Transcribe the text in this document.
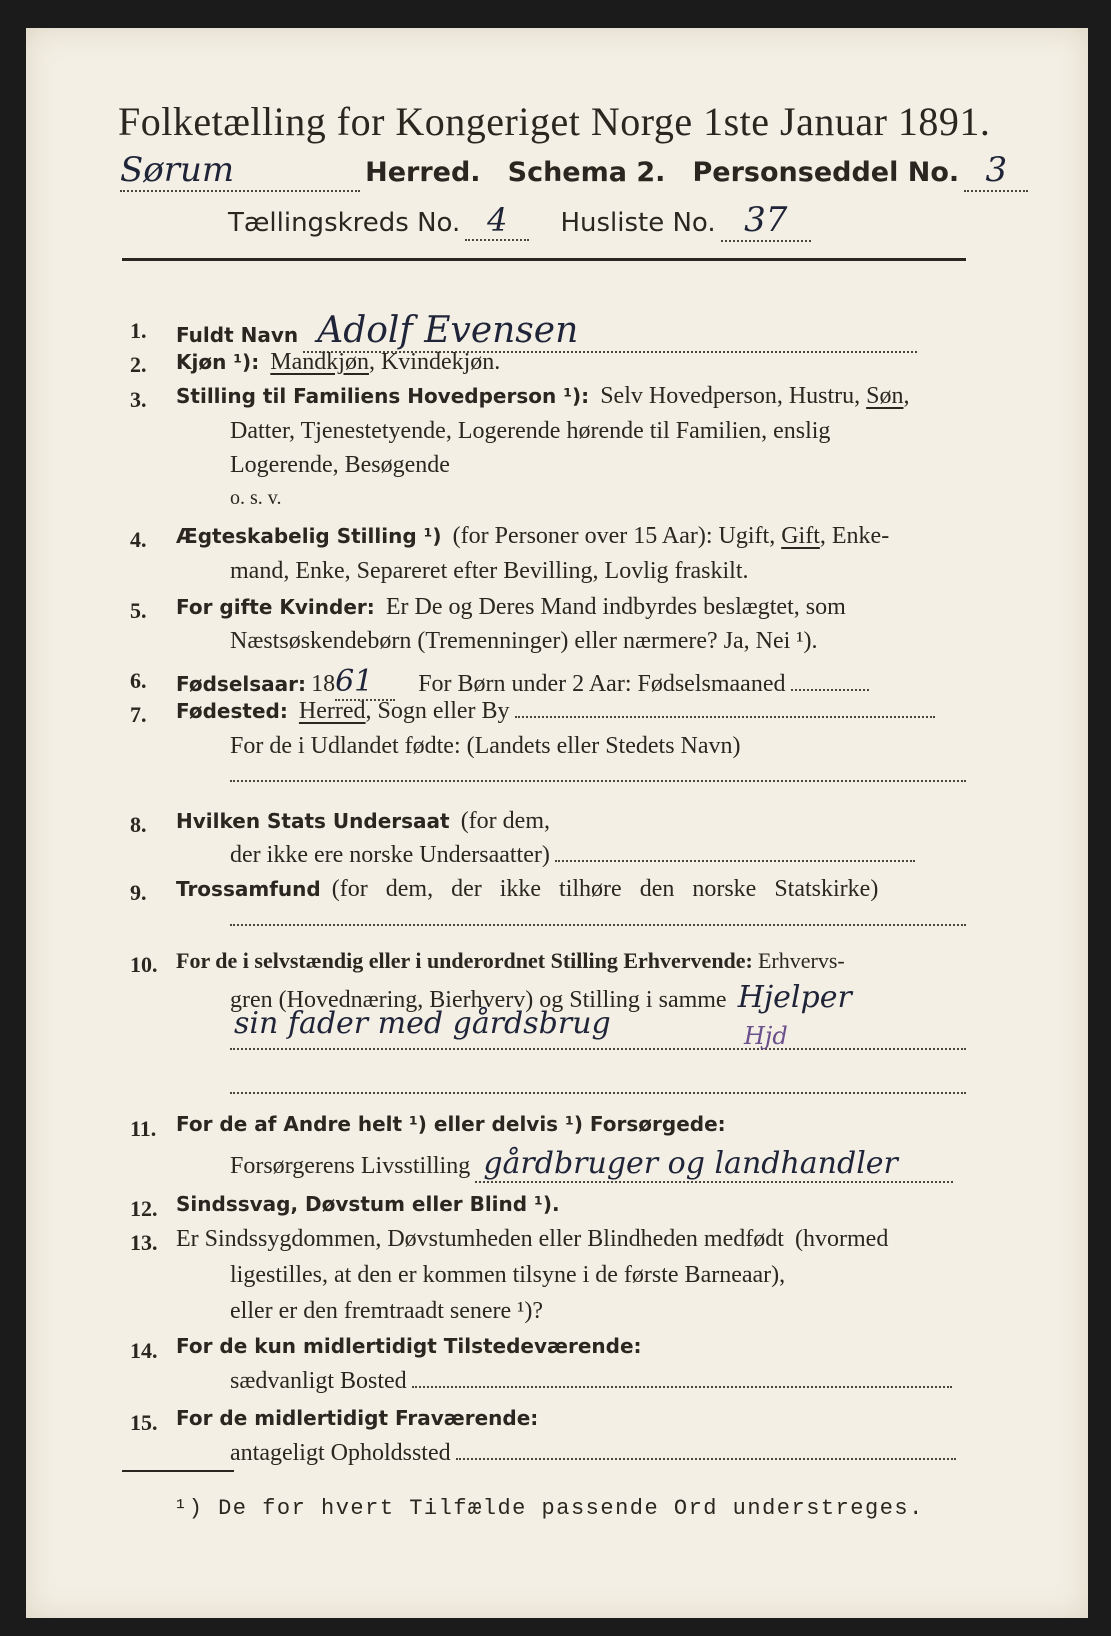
Folketælling for Kongeriget Norge 1ste Januar 1891.
Sørum	Herred. Schema 2. Personseddel No. 3
Tællingskreds No. 4 Husliste No. 37
1. Fuldt Navn Adolf Evensen
2. Kjøn ¹): Mandkjøn, Kvindekjøn.
3. Stilling til Familiens Hovedperson ¹): Selv Hovedperson, Hustru, Søn,
Datter, Tjenestetyende, Logerende hørende til Familien, enslig
Logerende, Besøgende
o. s. v.
4. Ægteskabelig Stilling ¹) (for Personer over 15 Aar): Ugift, Gift, Enke-
mand, Enke, Separeret efter Bevilling, Lovlig fraskilt.
5. For gifte Kvinder: Er De og Deres Mand indbyrdes beslægtet, som
Næstsøskendebørn (Tremenninger) eller nærmere? Ja, Nei ¹).
6. Fødselsaar: 1861 For Børn under 2 Aar: Fødselsmaaned
7. Fødested: Herred, Sogn eller By
For de i Udlandet fødte: (Landets eller Stedets Navn)
8. Hvilken Stats Undersaat (for dem,
der ikke ere norske Undersaatter)
9. Trossamfund (for dem, der ikke tilhøre den norske Statskirke)
10. For de i selvstændig eller i underordnet Stilling Erhvervende: Erhvervs-
gren (Hovednæring, Bierhverv) og Stilling i samme Hjelper
sin fader med gårdsbrug	Hjd
11. For de af Andre helt ¹) eller delvis ¹) Forsørgede:
Forsørgerens Livsstilling gårdbruger og landhandler
12. Sindssvag, Døvstum eller Blind ¹).
13. Er Sindssygdommen, Døvstumheden eller Blindheden medfødt (hvormed
ligestilles, at den er kommen tilsyne i de første Barneaar),
eller er den fremtraadt senere ¹)?
14. For de kun midlertidigt Tilstedeværende:
sædvanligt Bosted
15. For de midlertidigt Fraværende:
antageligt Opholdssted
¹) De for hvert Tilfælde passende Ord understreges.
